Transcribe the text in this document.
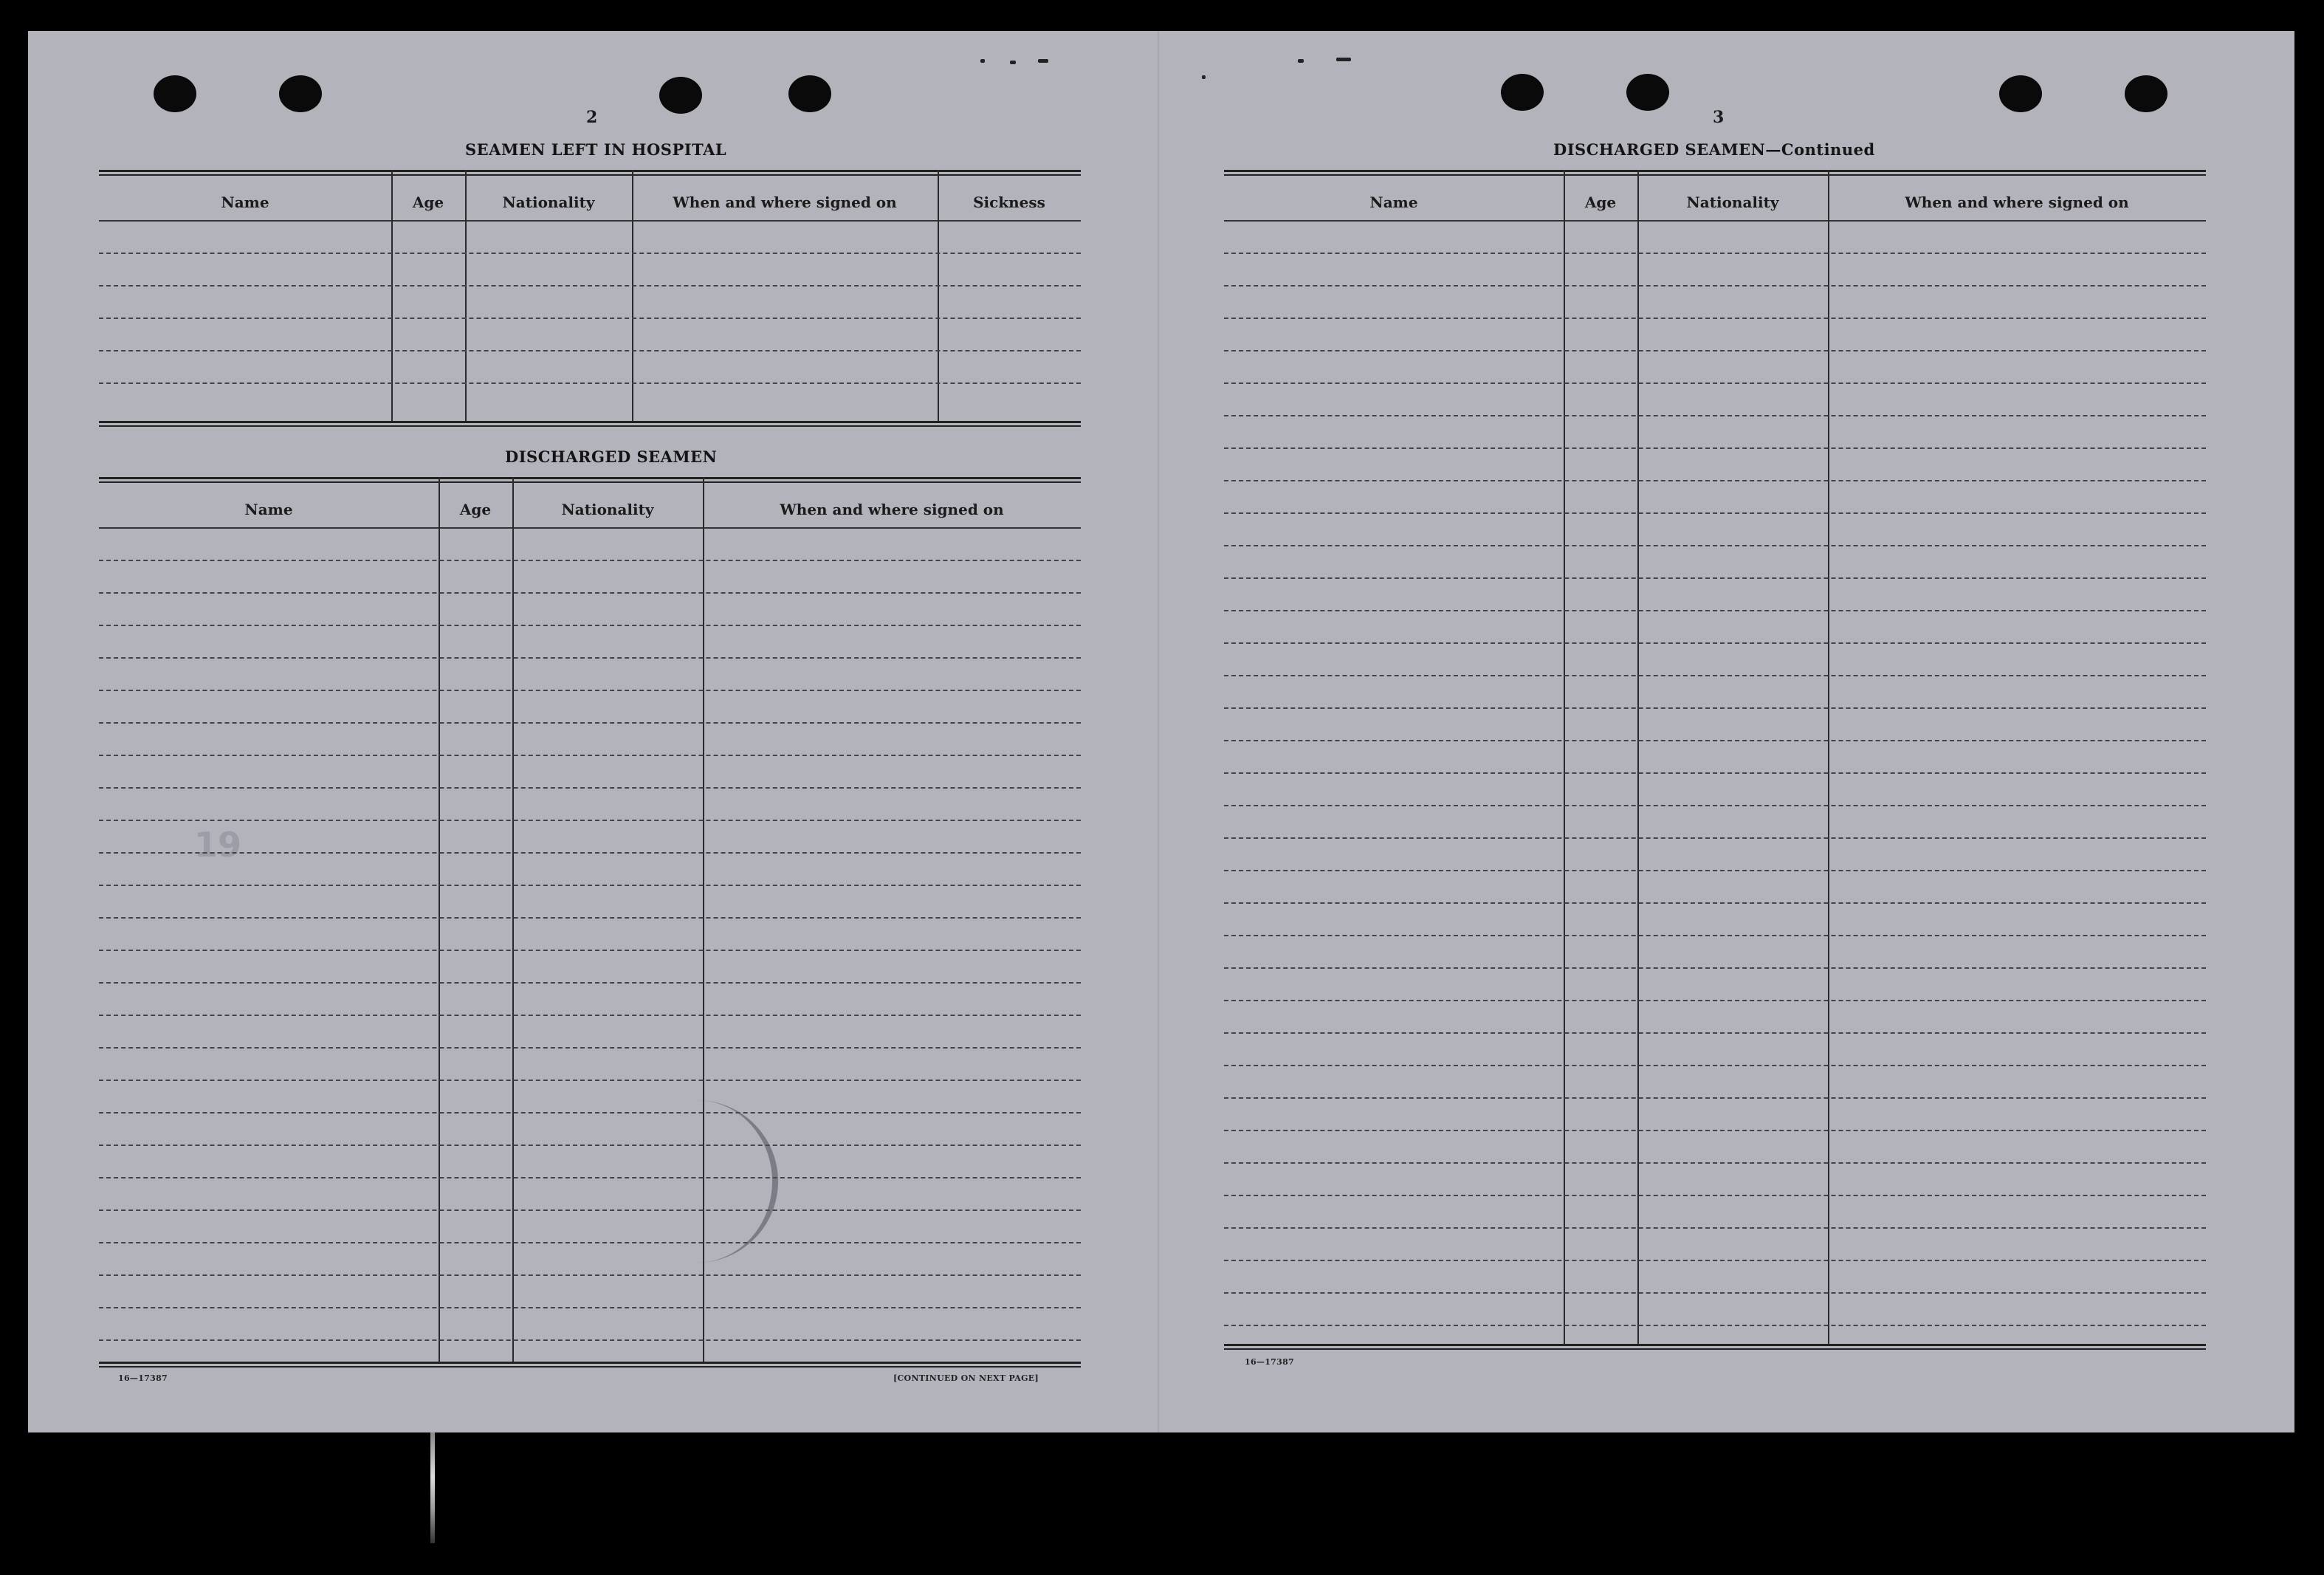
19
2
SEAMEN LEFT IN HOSPITAL
Name	Age	Nationality	When and where signed on	Sickness
DISCHARGED SEAMEN
Name	Age	Nationality	When and where signed on
16—17387	[CONTINUED ON NEXT PAGE]
3
DISCHARGED SEAMEN—Continued
Name	Age	Nationality	When and where signed on
16—17387
